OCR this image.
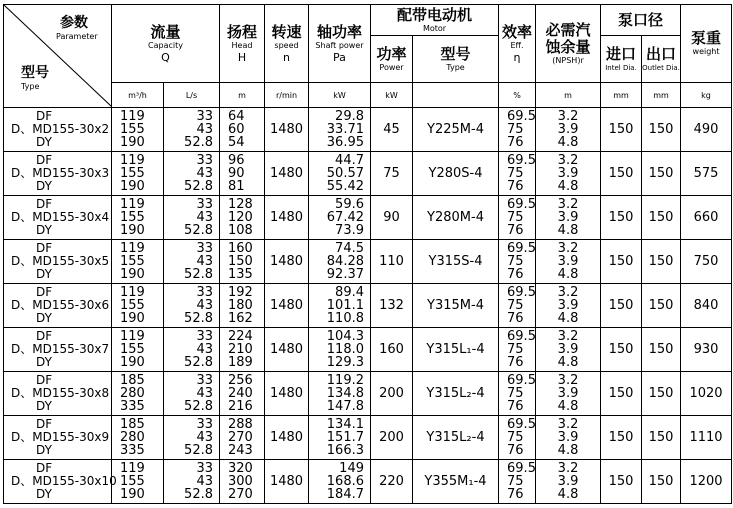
参数
Parameter
型号
Type	流量
Capacity
Q		扬程
Head
H	转速
speed
n	轴功率
Shaft power
Pa	配带电动机
Motor		效率
Eff.
η	必需汽
蚀余量
(NPSH)r	泵口径		泵重
weight

						功率
Power	型号
Type			进口
Intel Dia.	出口
Outlet Dia.	

	m³/h	L/s	m	r/min	kW	kW		%	m	mm	mm	kg

DF
D、MD155-30x2
DY	119
155
190	33
43
52.8	64
60
54	1480	29.8
33.71
36.95	45	Y225M-4	69.5
75
76	3.2
3.9
4.8	150	150	490

DF
D、MD155-30x3
DY	119
155
190	33
43
52.8	96
90
81	1480	44.7
50.57
55.42	75	Y280S-4	69.5
75
76	3.2
3.9
4.8	150	150	575

DF
D、MD155-30x4
DY	119
155
190	33
43
52.8	128
120
108	1480	59.6
67.42
73.9	90	Y280M-4	69.5
75
76	3.2
3.9
4.8	150	150	660

DF
D、MD155-30x5
DY	119
155
190	33
43
52.8	160
150
135	1480	74.5
84.28
92.37	110	Y315S-4	69.5
75
76	3.2
3.9
4.8	150	150	750

DF
D、MD155-30x6
DY	119
155
190	33
43
52.8	192
180
162	1480	89.4
101.1
110.8	132	Y315M-4	69.5
75
76	3.2
3.9
4.8	150	150	840

DF
D、MD155-30x7
DY	119
155
190	33
43
52.8	224
210
189	1480	104.3
118.0
129.3	160	Y315L₁-4	69.5
75
76	3.2
3.9
4.8	150	150	930

DF
D、MD155-30x8
DY	185
280
335	33
43
52.8	256
240
216	1480	119.2
134.8
147.8	200	Y315L₂-4	69.5
75
76	3.2
3.9
4.8	150	150	1020

DF
D、MD155-30x9
DY	185
280
335	33
43
52.8	288
270
243	1480	134.1
151.7
166.3	200	Y315L₂-4	69.5
75
76	3.2
3.9
4.8	150	150	1110

DF
D、MD155-30x10
DY	119
155
190	33
43
52.8	320
300
270	1480	149
168.6
184.7	220	Y355M₁-4	69.5
75
76	3.2
3.9
4.8	150	150	1200
